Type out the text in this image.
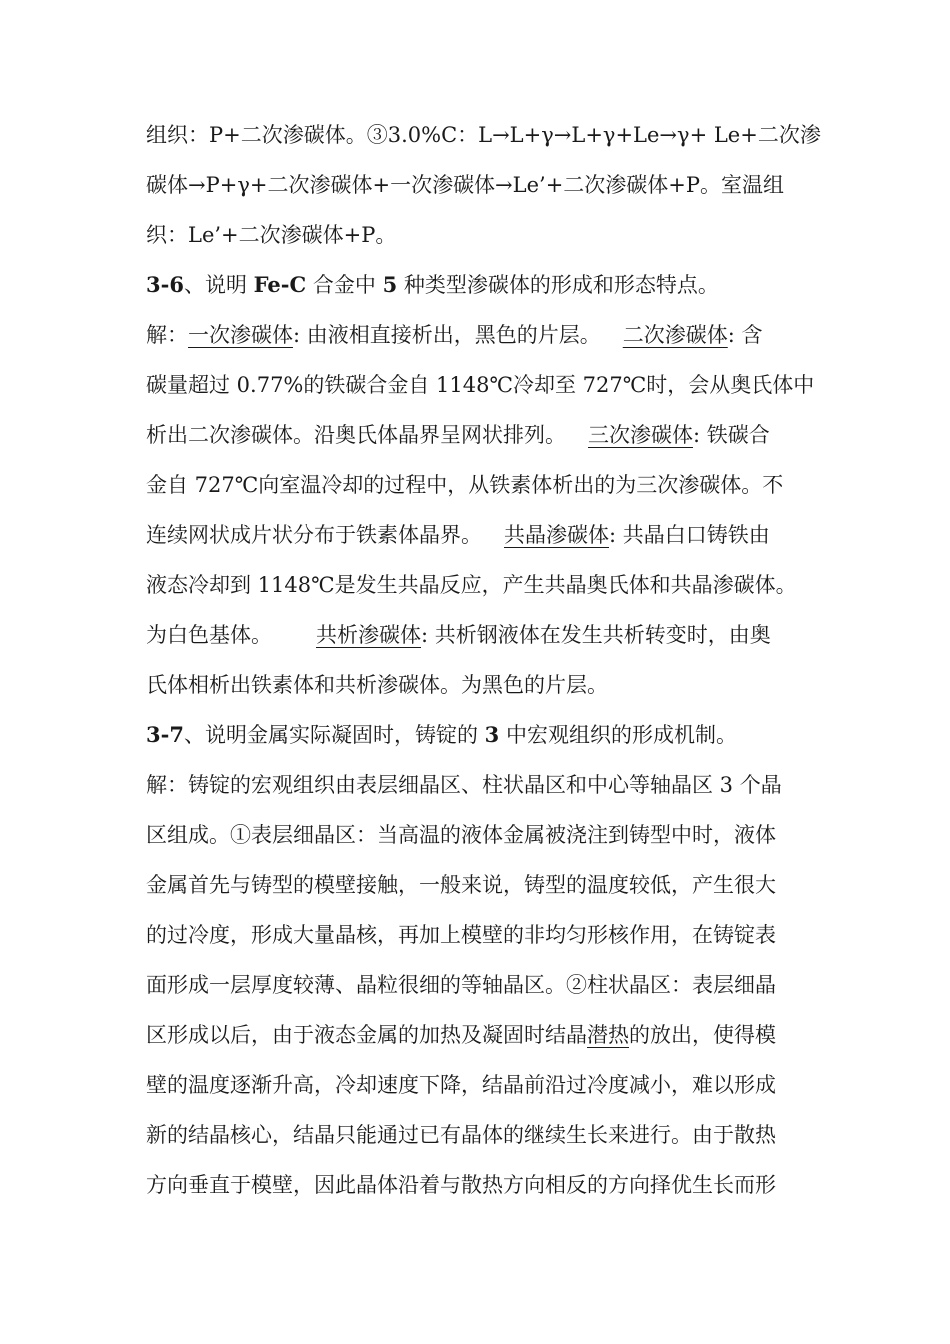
组织：P+二次渗碳体。③3.0%C：L→L+γ→L+γ+Le→γ+ Le+二次渗
碳体→P+γ+二次渗碳体+一次渗碳体→Le’+二次渗碳体+P。室温组
织：Le’+二次渗碳体+P。
3-6、说明 Fe-C 合金中 5 种类型渗碳体的形成和形态特点。
解：一次渗碳体: 由液相直接析出，黑色的片层。 二次渗碳体: 含
碳量超过 0.77%的铁碳合金自 1148℃冷却至 727℃时，会从奥氏体中
析出二次渗碳体。沿奥氏体晶界呈网状排列。 三次渗碳体: 铁碳合
金自 727℃向室温冷却的过程中，从铁素体析出的为三次渗碳体。不
连续网状成片状分布于铁素体晶界。 共晶渗碳体: 共晶白口铸铁由
液态冷却到 1148℃是发生共晶反应，产生共晶奥氏体和共晶渗碳体。
为白色基体。 共析渗碳体: 共析钢液体在发生共析转变时，由奥
氏体相析出铁素体和共析渗碳体。为黑色的片层。
3-7、说明金属实际凝固时，铸锭的 3 中宏观组织的形成机制。
解：铸锭的宏观组织由表层细晶区、柱状晶区和中心等轴晶区 3 个晶
区组成。①表层细晶区：当高温的液体金属被浇注到铸型中时，液体
金属首先与铸型的模壁接触，一般来说，铸型的温度较低，产生很大
的过冷度，形成大量晶核，再加上模壁的非均匀形核作用，在铸锭表
面形成一层厚度较薄、晶粒很细的等轴晶区。②柱状晶区：表层细晶
区形成以后，由于液态金属的加热及凝固时结晶潜热的放出，使得模
壁的温度逐渐升高，冷却速度下降，结晶前沿过冷度减小，难以形成
新的结晶核心，结晶只能通过已有晶体的继续生长来进行。由于散热
方向垂直于模壁，因此晶体沿着与散热方向相反的方向择优生长而形
